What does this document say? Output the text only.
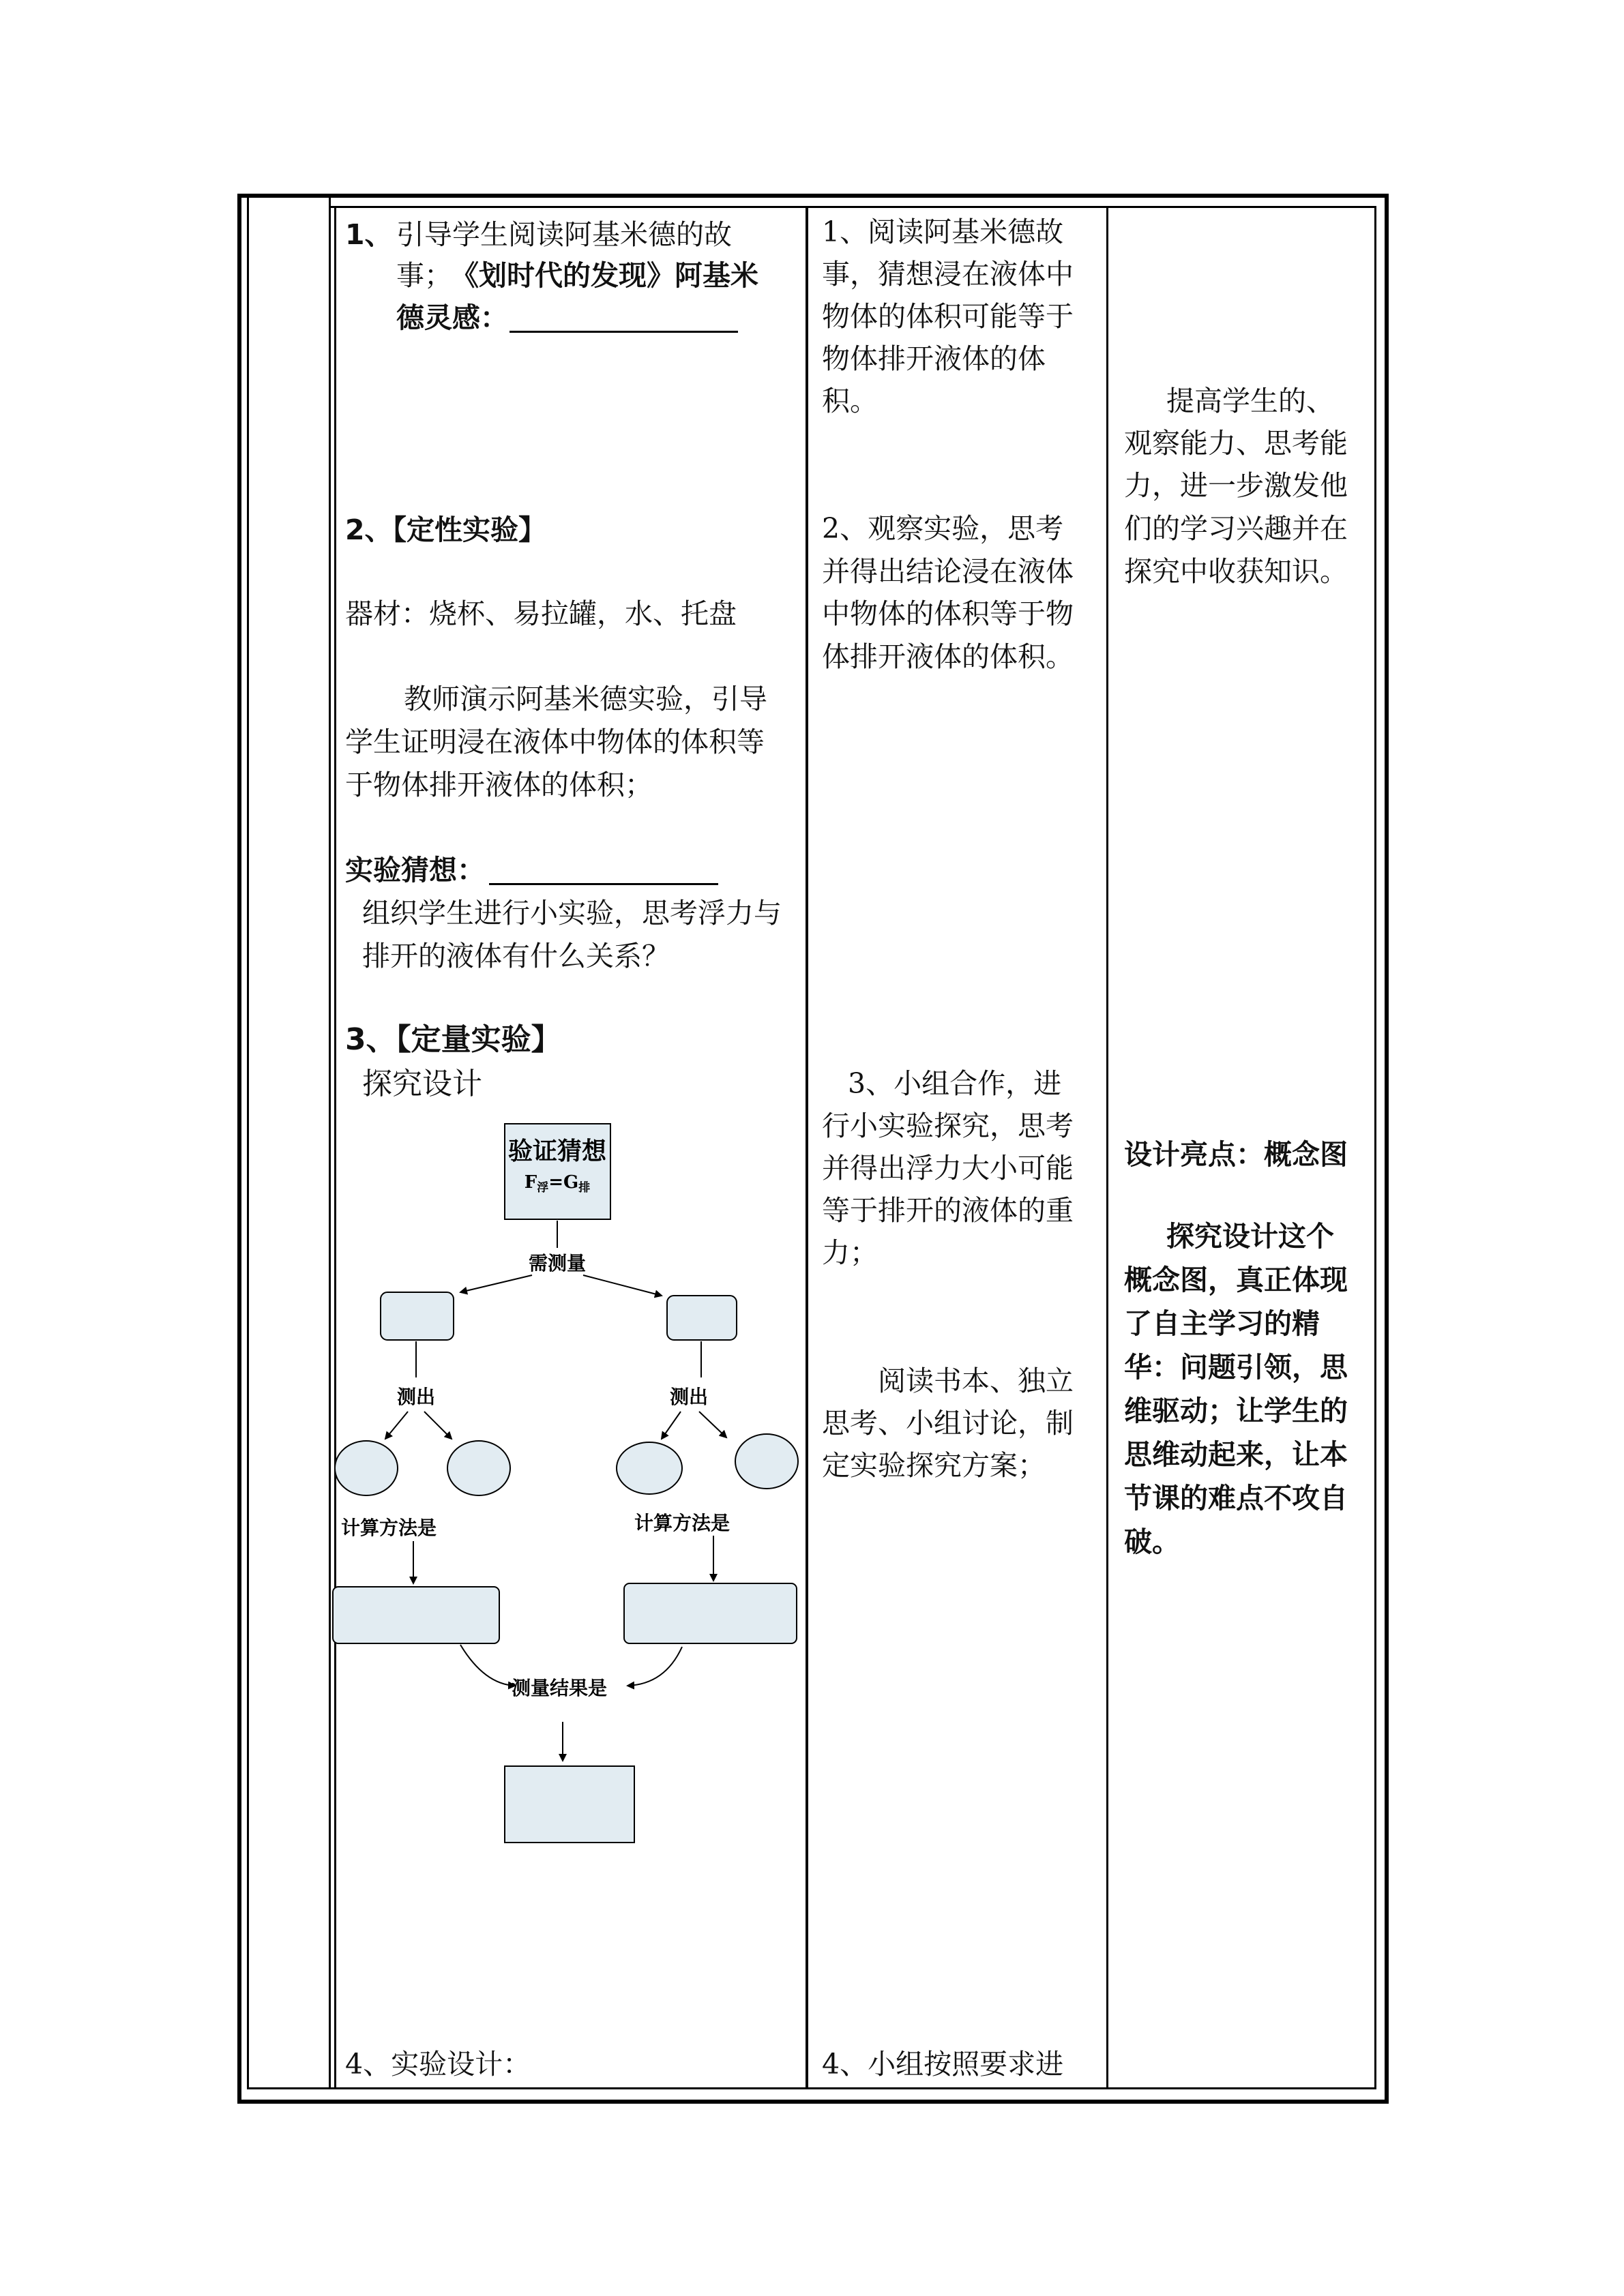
1、 引导学生阅读阿基米德的故
事；
《划时代的发现》阿基米
德灵感：
2、【定性实验】
器材：烧杯、易拉罐，水、托盘
教师演示阿基米德实验，引导
学生证明浸在液体中物体的体积等
于物体排开液体的体积；
实验猜想：
组织学生进行小实验，思考浮力与
排开的液体有什么关系？
3、【定量实验】
探究设计
4、实验设计：
验证猜想
F浮=G排
需测量
测出	测出
计算方法是	计算方法是
测量结果是
1、阅读阿基米德故
事，猜想浸在液体中
物体的体积可能等于
物体排开液体的体
积。
2、观察实验，思考
并得出结论浸在液体
中物体的体积等于物
体排开液体的体积。
3、小组合作，进
行小实验探究，思考
并得出浮力大小可能
等于排开的液体的重
力；
阅读书本、独立
思考、小组讨论，制
定实验探究方案；
4、小组按照要求进
提高学生的、
观察能力、思考能
力，进一步激发他
们的学习兴趣并在
探究中收获知识。
设计亮点：概念图
探究设计这个
概念图，真正体现
了自主学习的精
华：问题引领，思
维驱动；让学生的
思维动起来，让本
节课的难点不攻自
破。
